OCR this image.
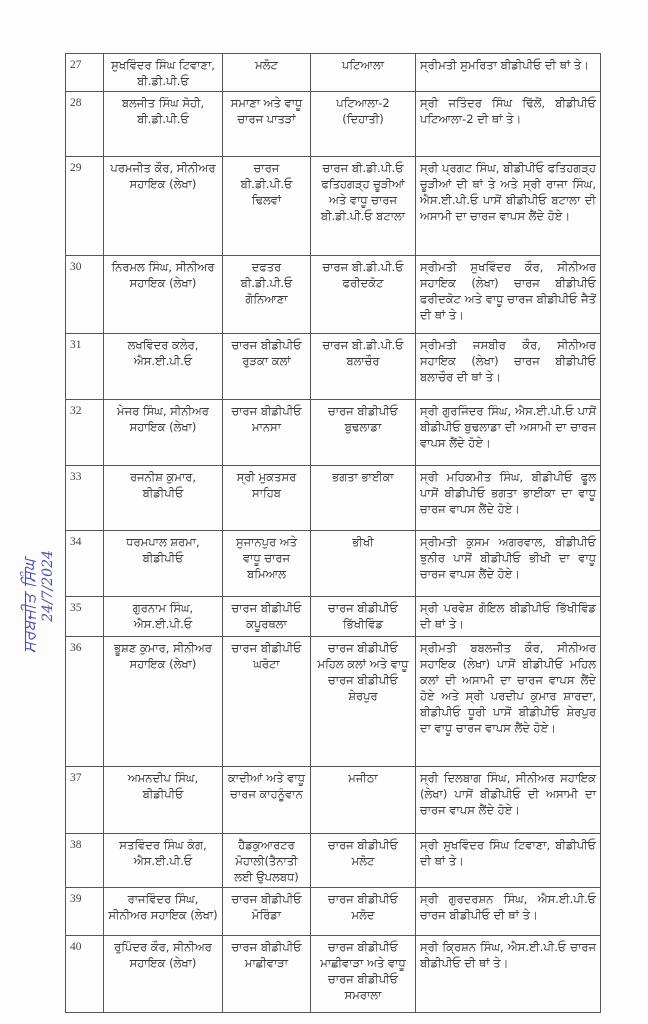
ਸਰਬਜੀਤ ਸਿੰਘ 24/7/2024
27	ਸੁਖਵਿੰਦਰ ਸਿੰਘ ਟਿਵਾਣਾ, ਬੀ.ਡੀ.ਪੀ.ਓ	ਮਲੋਟ	ਪਟਿਆਲਾ	ਸ੍ਰੀਮਤੀ ਸੁਮਰਿਤਾ ਬੀਡੀਪੀਓ ਦੀ ਥਾਂ ਤੇ।
28	ਬਲਜੀਤ ਸਿੰਘ ਸੋਹੀ, ਬੀ.ਡੀ.ਪੀ.ਓ	ਸਮਾਣਾ ਅਤੇ ਵਾਧੂ ਚਾਰਜ ਪਾਤੜਾਂ	ਪਟਿਆਲਾ-2 (ਦਿਹਾਤੀ)	ਸ੍ਰੀ ਜਤਿੰਦਰ ਸਿੰਘ ਢਿੱਲੋਂ, ਬੀਡੀਪੀਓ ਪਟਿਆਲਾ-2 ਦੀ ਥਾਂ ਤੇ।
29	ਪਰਮਜੀਤ ਕੌਰ, ਸੀਨੀਅਰ ਸਹਾਇਕ (ਲੇਖਾ)	ਚਾਰਜ ਬੀ.ਡੀ.ਪੀ.ਓ ਢਿਲਵਾਂ	ਚਾਰਜ ਬੀ.ਡੀ.ਪੀ.ਓ ਫਤਿਹਗੜ੍ਹ ਚੂੜੀਆਂ ਅਤੇ ਵਾਧੂ ਚਾਰਜ ਬੀ.ਡੀ.ਪੀ.ਓ ਬਟਾਲਾ	ਸ੍ਰੀ ਪ੍ਰਗਟ ਸਿੰਘ, ਬੀਡੀਪੀਓ ਫਤਿਹਗੜ੍ਹ ਚੂੜੀਆਂ ਦੀ ਥਾਂ ਤੇ ਅਤੇ ਸ੍ਰੀ ਰਾਜਾ ਸਿੰਘ, ਐਸ.ਈ.ਪੀ.ਓ ਪਾਸੋਂ ਬੀਡੀਪੀਓ ਬਟਾਲਾ ਦੀ ਅਸਾਮੀ ਦਾ ਚਾਰਜ ਵਾਪਸ ਲੈਂਦੇ ਹੋਏ।
30	ਨਿਰਮਲ ਸਿੰਘ, ਸੀਨੀਅਰ ਸਹਾਇਕ (ਲੇਖਾ)	ਦਫਤਰ ਬੀ.ਡੀ.ਪੀ.ਓ ਗੋਨਿਆਣਾ	ਚਾਰਜ ਬੀ.ਡੀ.ਪੀ.ਓ ਫਰੀਦਕੋਟ	ਸ੍ਰੀਮਤੀ ਸੁਖਵਿੰਦਰ ਕੌਰ, ਸੀਨੀਅਰ ਸਹਾਇਕ (ਲੇਖਾ) ਚਾਰਜ ਬੀਡੀਪੀਓ ਫਰੀਦਕੋਟ ਅਤੇ ਵਾਧੂ ਚਾਰਜ ਬੀਡੀਪੀਓ ਜੈਤੋਂ ਦੀ ਥਾਂ ਤੇ।
31	ਲਖਵਿੰਦਰ ਕਲੇਰ, ਐਸ.ਈ.ਪੀ.ਓ	ਚਾਰਜ ਬੀਡੀਪੀਓ ਰੁੜਕਾ ਕਲਾਂ	ਚਾਰਜ ਬੀ.ਡੀ.ਪੀ.ਓ ਬਲਾਚੌਰ	ਸ੍ਰੀਮਤੀ ਜਸਬੀਰ ਕੌਰ, ਸੀਨੀਅਰ ਸਹਾਇਕ (ਲੇਖਾ) ਚਾਰਜ ਬੀਡੀਪੀਓ ਬਲਾਚੌਰ ਦੀ ਥਾਂ ਤੇ।
32	ਮੇਜਰ ਸਿੰਘ, ਸੀਨੀਅਰ ਸਹਾਇਕ (ਲੇਖਾ)	ਚਾਰਜ ਬੀਡੀਪੀਓ ਮਾਨਸਾ	ਚਾਰਜ ਬੀਡੀਪੀਓ ਬੁਢਲਾਡਾ	ਸ੍ਰੀ ਗੁਰਜਿੰਦਰ ਸਿੰਘ, ਐਸ.ਈ.ਪੀ.ਓ ਪਾਸੋਂ ਬੀਡੀਪੀਓ ਬੁਢਲਾਡਾ ਦੀ ਅਸਾਮੀ ਦਾ ਚਾਰਜ ਵਾਪਸ ਲੈਂਦੇ ਹੋਏ।
33	ਰਜਨੀਸ਼ ਕੁਮਾਰ, ਬੀਡੀਪੀਓ	ਸ੍ਰੀ ਮੁਕਤਸਰ ਸਾਹਿਬ	ਭਗਤਾ ਭਾਈਕਾ	ਸ੍ਰੀ ਮਹਿਕਮੀਤ ਸਿੰਘ, ਬੀਡੀਪੀਓ ਫੂਲ ਪਾਸੋਂ ਬੀਡੀਪੀਓ ਭਗਤਾ ਭਾਈਕਾ ਦਾ ਵਾਧੂ ਚਾਰਜ ਵਾਪਸ ਲੈਂਦੇ ਹੋਏ।
34	ਧਰਮਪਾਲ ਸ਼ਰਮਾ, ਬੀਡੀਪੀਓ	ਸੁਜਾਨਪੁਰ ਅਤੇ ਵਾਧੂ ਚਾਰਜ ਬਮਿਆਲ	ਭੀਖੀ	ਸ੍ਰੀਮਤੀ ਕੁਸਮ ਅਗਰਵਾਲ, ਬੀਡੀਪੀਓ ਝੁਨੀਰ ਪਾਸੋਂ ਬੀਡੀਪੀਓ ਭੀਖੀ ਦਾ ਵਾਧੂ ਚਾਰਜ ਵਾਪਸ ਲੈਂਦੇ ਹੋਏ।
35	ਗੁਰਨਾਮ ਸਿੰਘ, ਐਸ.ਈ.ਪੀ.ਓ	ਚਾਰਜ ਬੀਡੀਪੀਓ ਕਪੂਰਥਲਾ	ਚਾਰਜ ਬੀਡੀਪੀਓ ਭਿੱਖੀਵਿੰਡ	ਸ੍ਰੀ ਪਰਵੇਸ਼ ਗੋਇਲ ਬੀਡੀਪੀਓ ਭਿੱਖੀਵਿੰਡ ਦੀ ਥਾਂ ਤੇ।
36	ਭੂਸ਼ਣ ਕੁਮਾਰ, ਸੀਨੀਅਰ ਸਹਾਇਕ (ਲੇਖਾ)	ਚਾਰਜ ਬੀਡੀਪੀਓ ਘਰੋਟਾ	ਚਾਰਜ ਬੀਡੀਪੀਓ ਮਹਿਲ ਕਲਾਂ ਅਤੇ ਵਾਧੂ ਚਾਰਜ ਬੀਡੀਪੀਓ ਸ਼ੇਰਪੁਰ	ਸ੍ਰੀਮਤੀ ਬਬਲਜੀਤ ਕੌਰ, ਸੀਨੀਅਰ ਸਹਾਇਕ (ਲੇਖਾ) ਪਾਸੋਂ ਬੀਡੀਪੀਓ ਮਹਿਲ ਕਲਾਂ ਦੀ ਅਸਾਮੀ ਦਾ ਚਾਰਜ ਵਾਪਸ ਲੈਂਦੇ ਹੋਏ ਅਤੇ ਸ੍ਰੀ ਪਰਦੀਪ ਕੁਮਾਰ ਸ਼ਾਰਦਾ, ਬੀਡੀਪੀਓ ਧੂਰੀ ਪਾਸੋਂ ਬੀਡੀਪੀਓ ਸ਼ੇਰਪੁਰ ਦਾ ਵਾਧੂ ਚਾਰਜ ਵਾਪਸ ਲੈਂਦੇ ਹੋਏ।
37	ਅਮਨਦੀਪ ਸਿੰਘ, ਬੀਡੀਪੀਓ	ਕਾਦੀਆਂ ਅਤੇ ਵਾਧੂ ਚਾਰਜ ਕਾਹਨੂੰਵਾਨ	ਮਜੀਠਾ	ਸ੍ਰੀ ਦਿਲਬਾਗ ਸਿੰਘ, ਸੀਨੀਅਰ ਸਹਾਇਕ (ਲੇਖਾ) ਪਾਸੋਂ ਬੀਡੀਪੀਓ ਦੀ ਅਸਾਮੀ ਦਾ ਚਾਰਜ ਵਾਪਸ ਲੈਂਦੇ ਹੋਏ।
38	ਸਤਵਿੰਦਰ ਸਿੰਘ ਕੰਗ, ਐਸ.ਈ.ਪੀ.ਓ	ਹੈਡਕੁਆਰਟਰ ਮੋਹਾਲੀ(ਤੈਨਾਤੀ ਲਈ ਉਪਲਬਧ)	ਚਾਰਜ ਬੀਡੀਪੀਓ ਮਲੋਟ	ਸ੍ਰੀ ਸੁਖਵਿੰਦਰ ਸਿੰਘ ਟਿਵਾਣਾ, ਬੀਡੀਪੀਓ ਦੀ ਥਾਂ ਤੇ।
39	ਰਾਜਵਿੰਦਰ ਸਿੰਘ, ਸੀਨੀਅਰ ਸਹਾਇਕ (ਲੇਖਾ)	ਚਾਰਜ ਬੀਡੀਪੀਓ ਮੋਰਿੰਡਾ	ਚਾਰਜ ਬੀਡੀਪੀਓ ਮਲੋਦ	ਸ੍ਰੀ ਗੁਰਦਰਸ਼ਨ ਸਿੰਘ, ਐਸ.ਈ.ਪੀ.ਓ ਚਾਰਜ ਬੀਡੀਪੀਓ ਦੀ ਥਾਂ ਤੇ।
40	ਰੁਪਿੰਦਰ ਕੌਰ, ਸੀਨੀਅਰ ਸਹਾਇਕ (ਲੇਖਾ)	ਚਾਰਜ ਬੀਡੀਪੀਓ ਮਾਛੀਵਾੜਾ	ਚਾਰਜ ਬੀਡੀਪੀਓ ਮਾਛੀਵਾੜਾ ਅਤੇ ਵਾਧੂ ਚਾਰਜ ਬੀਡੀਪੀਓ ਸਮਰਾਲਾ	ਸ੍ਰੀ ਕ੍ਰਿਸ਼ਨ ਸਿੰਘ, ਐਸ.ਈ.ਪੀ.ਓ ਚਾਰਜ ਬੀਡੀਪੀਓ ਦੀ ਥਾਂ ਤੇ।
